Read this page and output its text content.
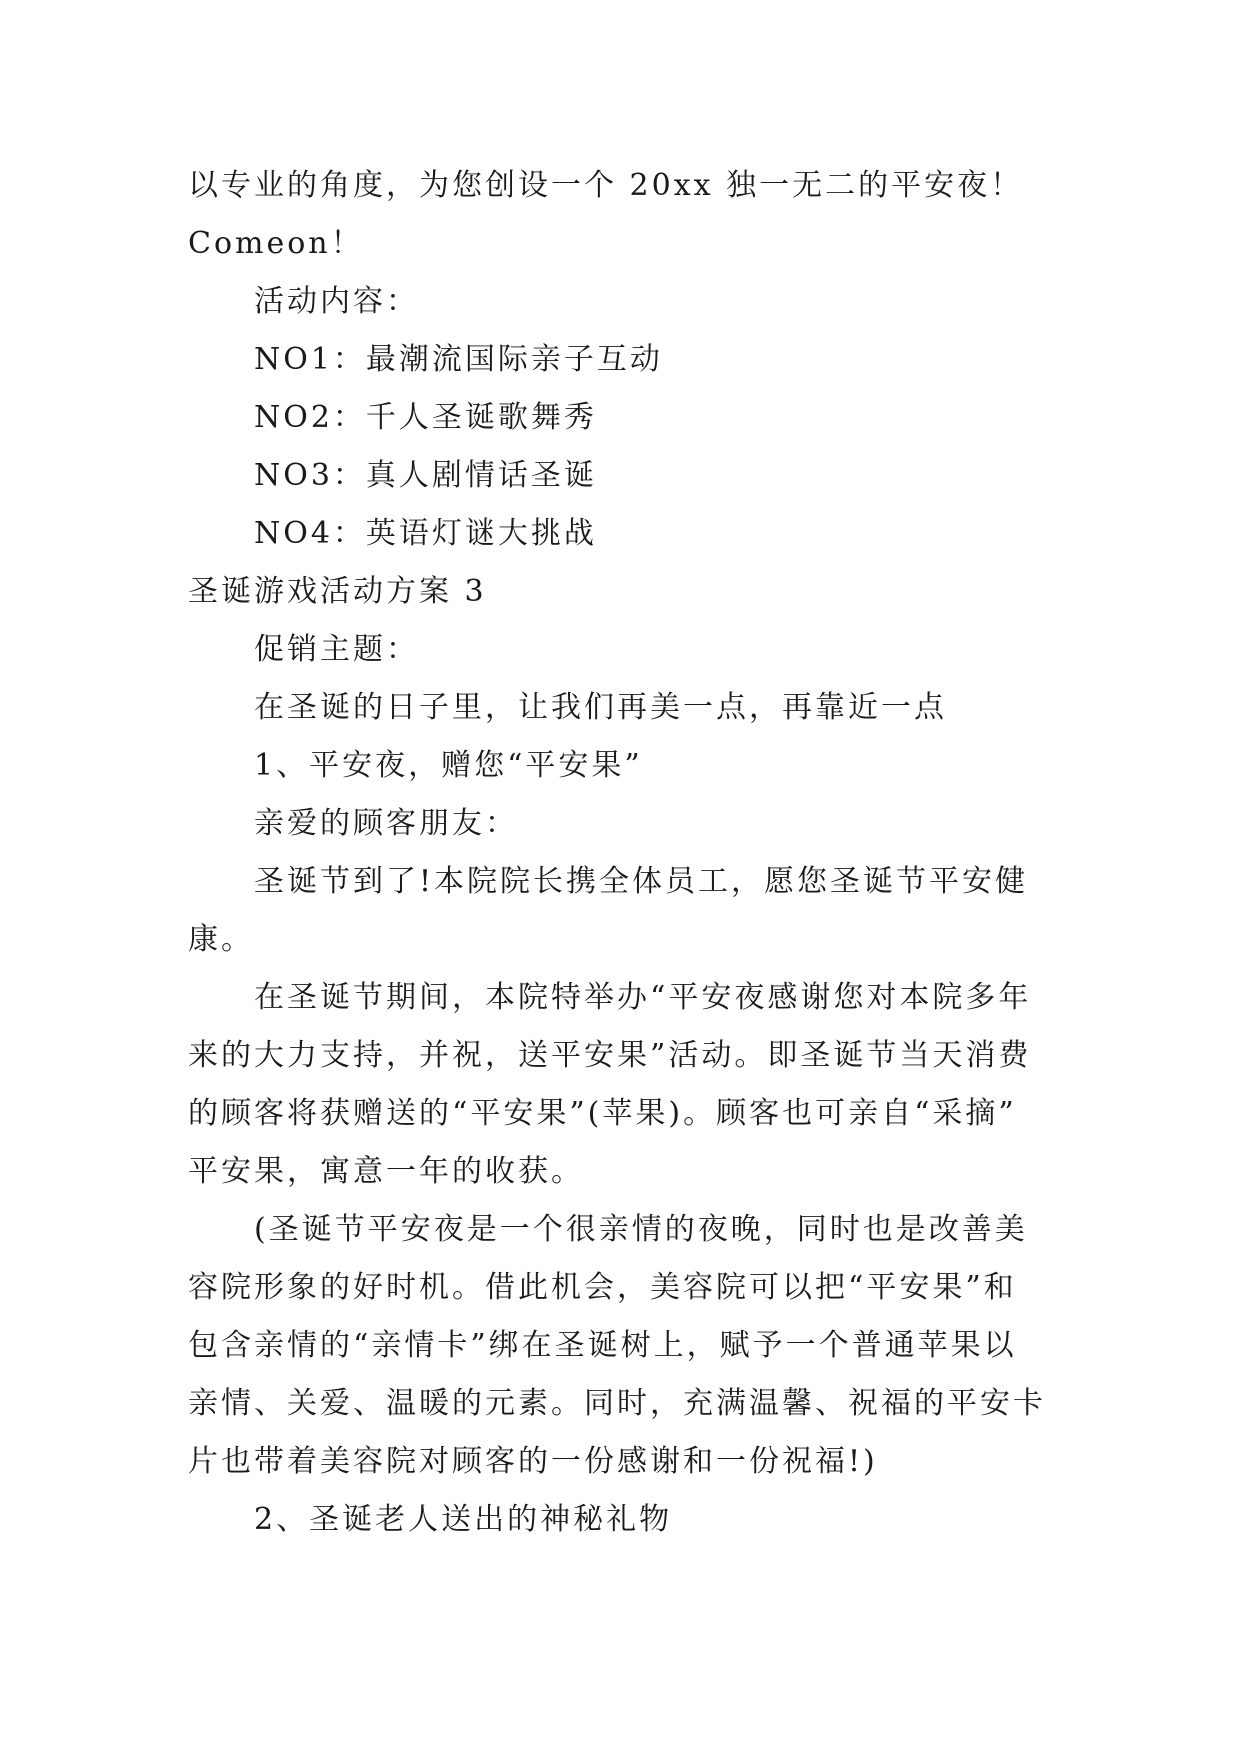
以专业的角度，为您创设一个 20xx 独一无二的平安夜！

Comeon！

活动内容：

NO1：最潮流国际亲子互动

NO2：千人圣诞歌舞秀

NO3：真人剧情话圣诞

NO4：英语灯谜大挑战

圣诞游戏活动方案 3

促销主题：

在圣诞的日子里，让我们再美一点，再靠近一点

1、平安夜，赠您“平安果”

亲爱的顾客朋友：

圣诞节到了!本院院长携全体员工，愿您圣诞节平安健

康。

在圣诞节期间，本院特举办“平安夜感谢您对本院多年

来的大力支持，并祝，送平安果”活动。即圣诞节当天消费

的顾客将获赠送的“平安果”(苹果)。顾客也可亲自“采摘”

平安果，寓意一年的收获。

(圣诞节平安夜是一个很亲情的夜晚，同时也是改善美

容院形象的好时机。借此机会，美容院可以把“平安果”和

包含亲情的“亲情卡”绑在圣诞树上，赋予一个普通苹果以

亲情、关爱、温暖的元素。同时，充满温馨、祝福的平安卡

片也带着美容院对顾客的一份感谢和一份祝福!)

2、圣诞老人送出的神秘礼物
